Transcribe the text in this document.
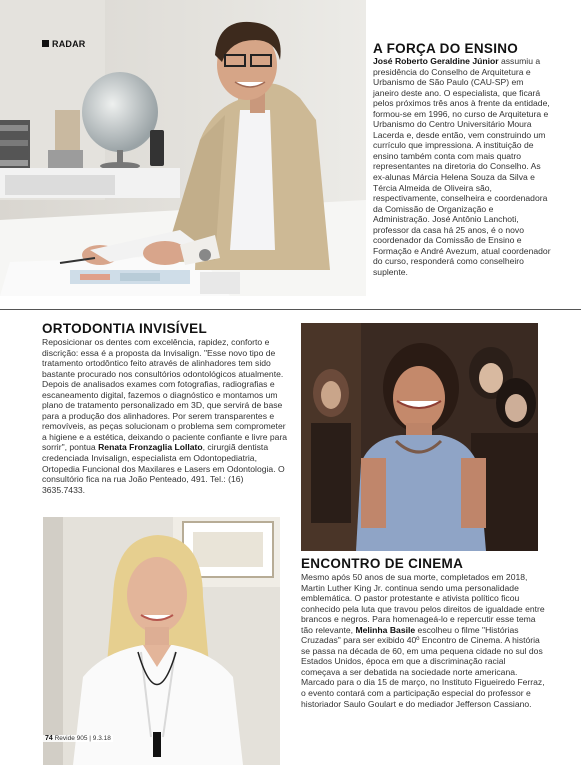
RADAR	A FORÇA DO ENSINO
José Roberto Geraldine Júnior assumiu a presidência do Conselho de Arquitetura e Urbanismo de São Paulo (CAU-SP) em janeiro deste ano. O especialista, que ficará pelos próximos três anos à frente da entidade, formou-se em 1996, no curso de Arquitetura e Urbanismo do Centro Universitário Moura Lacerda e, desde então, vem construindo um currículo que impressiona. A instituição de ensino também conta com mais quatro representantes na diretoria do Conselho. As ex-alunas Márcia Helena Souza da Silva e Tércia Almeida de Oliveira são, respectivamente, conselheira e coordenadora da Comissão de Organização e Administração. José Antônio Lanchoti, professor da casa há 25 anos, é o novo coordenador da Comissão de Ensino e Formação e André Avezum, atual coordenador do curso, responderá como conselheiro suplente.
ORTODONTIA INVISÍVEL
Reposicionar os dentes com excelência, rapidez, conforto e discrição: essa é a proposta da Invisalign. "Esse novo tipo de tratamento ortodôntico feito através de alinhadores tem sido bastante procurado nos consultórios odontológicos atualmente. Depois de analisados exames com fotografias, radiografias e escaneamento digital, fazemos o diagnóstico e montamos um plano de tratamento personalizado em 3D, que servirá de base para a produção dos alinhadores. Por serem transparentes e removíveis, as peças solucionam o problema sem comprometer a higiene e a estética, deixando o paciente confiante e livre para sorrir", pontua Renata Fronzaglia Lollato, cirurgiã dentista credenciada Invisalign, especialista em Odontopediatria, Ortopedia Funcional dos Maxilares e Lasers em Odontologia. O consultório fica na rua João Penteado, 491. Tel.: (16) 3635.7433.
ENCONTRO DE CINEMA
Mesmo após 50 anos de sua morte, completados em 2018, Martin Luther King Jr. continua sendo uma personalidade emblemática. O pastor protestante e ativista político ficou conhecido pela luta que travou pelos direitos de igualdade entre brancos e negros. Para homenageá-lo e repercutir esse tema tão relevante, Melinha Basile escolheu o filme "Histórias Cruzadas" para ser exibido 40º Encontro de Cinema. A história se passa na década de 60, em uma pequena cidade no sul dos Estados Unidos, época em que a discriminação racial começava a ser debatida na sociedade norte americana. Marcado para o dia 15 de março, no Instituto Figueiredo Ferraz, o evento contará com a participação especial do professor e historiador Saulo Goulart e do mediador Jefferson Cassiano.
74 Revide 905 | 9.3.18
